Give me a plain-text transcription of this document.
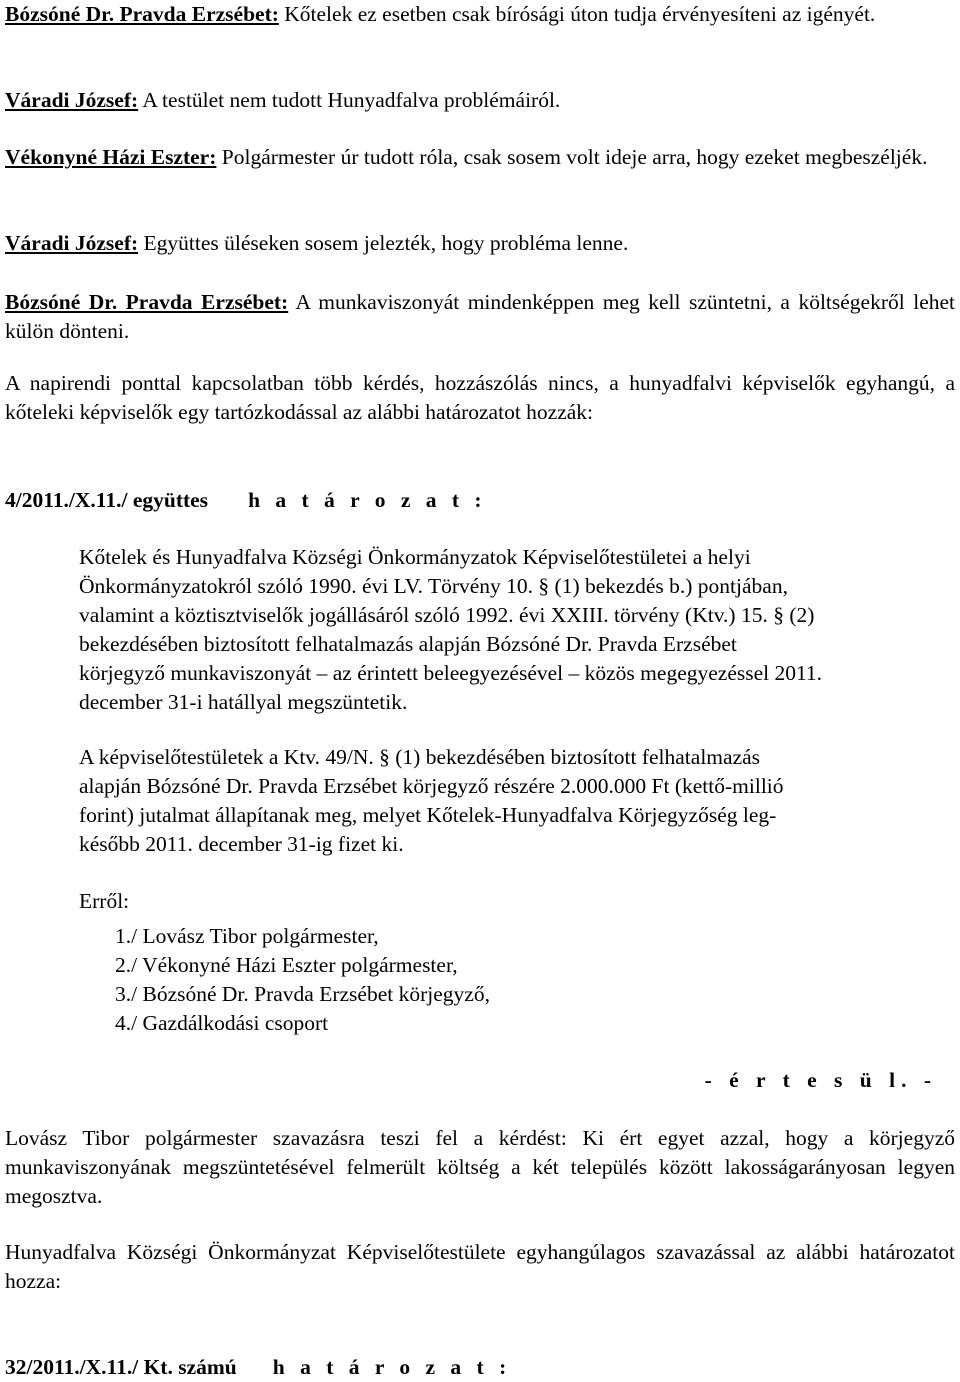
Bózsóné Dr. Pravda Erzsébet: Kőtelek ez esetben csak bírósági úton tudja érvényesíteni az igényét.

Váradi József: A testület nem tudott Hunyadfalva problémáiról.

Vékonyné Házi Eszter: Polgármester úr tudott róla, csak sosem volt ideje arra, hogy ezeket megbeszéljék.

Váradi József: Együttes üléseken sosem jelezték, hogy probléma lenne.

Bózsóné Dr. Pravda Erzsébet: A munkaviszonyát mindenképpen meg kell szüntetni, a költségekről lehet külön dönteni.

A napirendi ponttal kapcsolatban több kérdés, hozzászólás nincs, a hunyadfalvi képviselők egyhangú, a kőteleki képviselők egy tartózkodással az alábbi határozatot hozzák:

4/2011./X.11./ együttes h a t á r o z a t :

Kőtelek és Hunyadfalva Községi Önkormányzatok Képviselőtestületei a helyi
Önkormányzatokról szóló 1990. évi LV. Törvény 10. § (1) bekezdés b.) pontjában,
valamint a köztisztviselők jogállásáról szóló 1992. évi XXIII. törvény (Ktv.) 15. § (2)
bekezdésében biztosított felhatalmazás alapján Bózsóné Dr. Pravda Erzsébet
körjegyző munkaviszonyát – az érintett beleegyezésével – közös megegyezéssel 2011.
december 31-i hatállyal megszüntetik.
A képviselőtestületek a Ktv. 49/N. § (1) bekezdésében biztosított felhatalmazás
alapján Bózsóné Dr. Pravda Erzsébet körjegyző részére 2.000.000 Ft (kettő-millió
forint) jutalmat állapítanak meg, melyet Kőtelek-Hunyadfalva Körjegyzőség leg-
később 2011. december 31-ig fizet ki.

Erről:

1./ Lovász Tibor polgármester,
2./ Vékonyné Házi Eszter polgármester,
3./ Bózsóné Dr. Pravda Erzsébet körjegyző,
4./ Gazdálkodási csoport

- é r t e s ü l. -

Lovász Tibor polgármester szavazásra teszi fel a kérdést: Ki ért egyet azzal, hogy a körjegyző munkaviszonyának megszüntetésével felmerült költség a két település között lakosságarányosan legyen megosztva.

Hunyadfalva Községi Önkormányzat Képviselőtestülete egyhangúlagos szavazással az alábbi határozatot hozza:

32/2011./X.11./ Kt. számú h a t á r o z a t :
